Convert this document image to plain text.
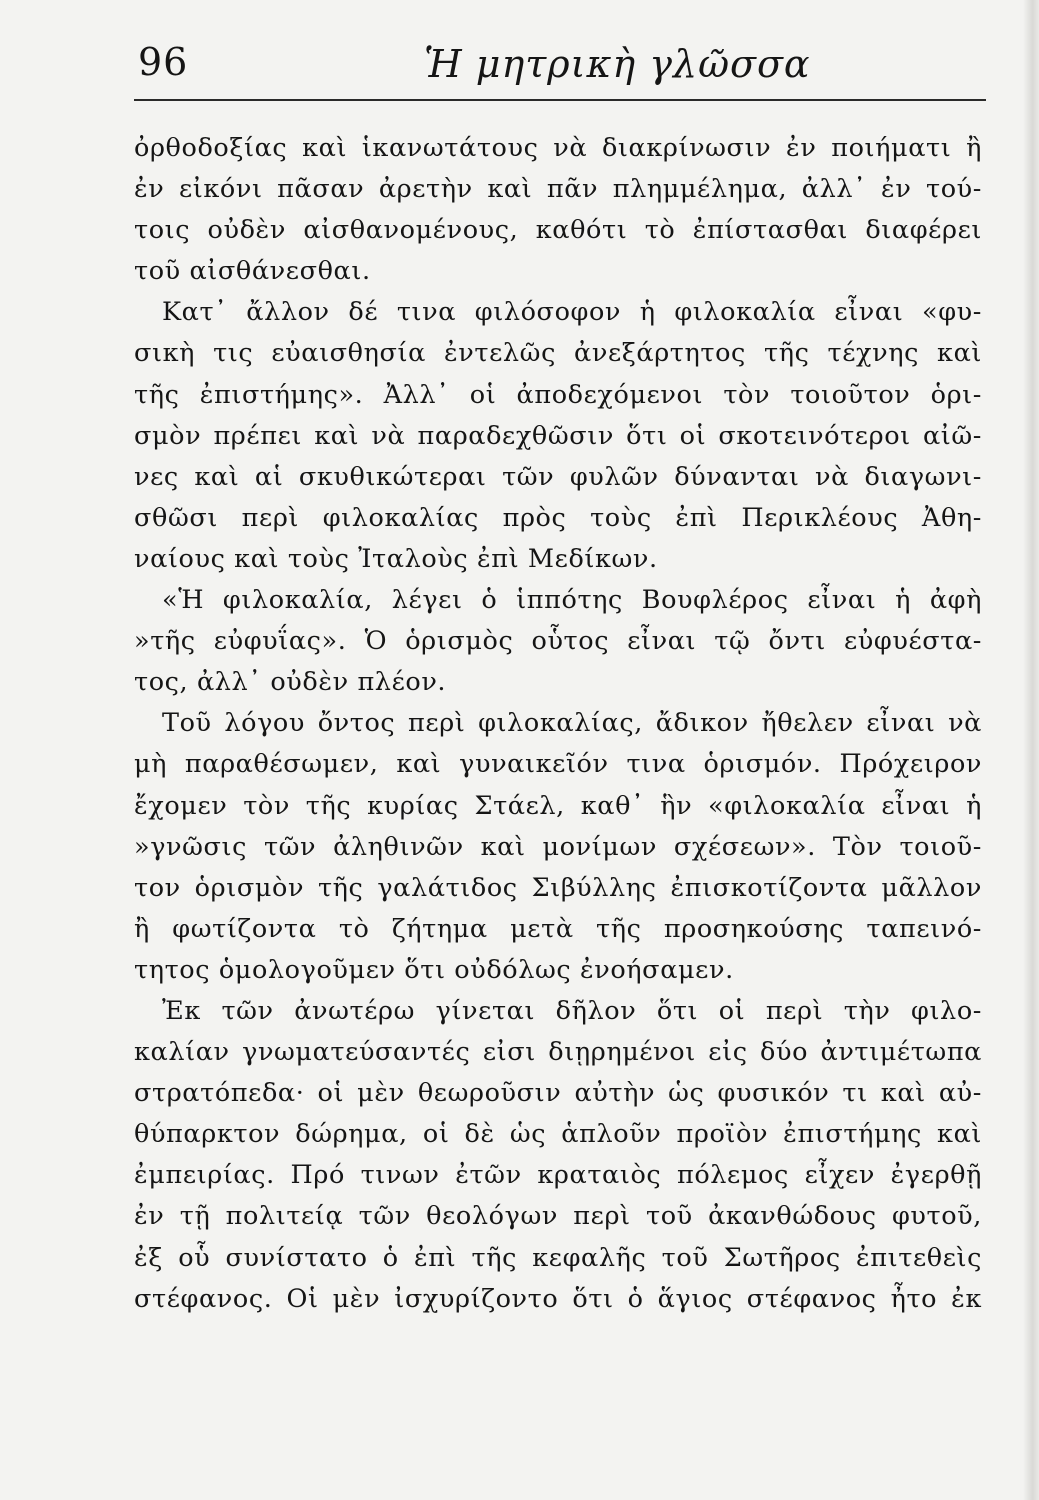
96	Ἡ μητρικὴ γλῶσσα
ὀρθοδοξίας καὶ ἱκανωτάτους νὰ διακρίνωσιν ἐν ποιήματι ἢ
ἐν εἰκόνι πᾶσαν ἀρετὴν καὶ πᾶν πλημμέλημα, ἀλλ᾽ ἐν τού-
τοις οὐδὲν αἰσθανομένους, καθότι τὸ ἐπίστασθαι διαφέρει
τοῦ αἰσθάνεσθαι.
Κατ᾽ ἄλλον δέ τινα φιλόσοφον ἡ φιλοκαλία εἶναι «φυ-
σικὴ τις εὐαισθησία ἐντελῶς ἀνεξάρτητος τῆς τέχνης καὶ
τῆς ἐπιστήμης». Ἀλλ᾽ οἱ ἀποδεχόμενοι τὸν τοιοῦτον ὁρι-
σμὸν πρέπει καὶ νὰ παραδεχθῶσιν ὅτι οἱ σκοτεινότεροι αἰῶ-
νες καὶ αἱ σκυθικώτεραι τῶν φυλῶν δύνανται νὰ διαγωνι-
σθῶσι περὶ φιλοκαλίας πρὸς τοὺς ἐπὶ Περικλέους Ἀθη-
ναίους καὶ τοὺς Ἰταλοὺς ἐπὶ Μεδίκων.
«Ἡ φιλοκαλία, λέγει ὁ ἱππότης Βουφλέρος εἶναι ἡ ἀφὴ
»τῆς εὐφυΐας». Ὁ ὁρισμὸς οὗτος εἶναι τῷ ὄντι εὐφυέστα-
τος, ἀλλ᾽ οὐδὲν πλέον.
Τοῦ λόγου ὄντος περὶ φιλοκαλίας, ἄδικον ἤθελεν εἶναι νὰ
μὴ παραθέσωμεν, καὶ γυναικεῖόν τινα ὁρισμόν. Πρόχειρον
ἔχομεν τὸν τῆς κυρίας Στάελ, καθ᾽ ἣν «φιλοκαλία εἶναι ἡ
»γνῶσις τῶν ἀληθινῶν καὶ μονίμων σχέσεων». Τὸν τοιοῦ-
τον ὁρισμὸν τῆς γαλάτιδος Σιβύλλης ἐπισκοτίζοντα μᾶλλον
ἢ φωτίζοντα τὸ ζήτημα μετὰ τῆς προσηκούσης ταπεινό-
τητος ὁμολογοῦμεν ὅτι οὐδόλως ἐνοήσαμεν.
Ἐκ τῶν ἀνωτέρω γίνεται δῆλον ὅτι οἱ περὶ τὴν φιλο-
καλίαν γνωματεύσαντές εἰσι διῃρημένοι εἰς δύο ἀντιμέτωπα
στρατόπεδα· οἱ μὲν θεωροῦσιν αὐτὴν ὡς φυσικόν τι καὶ αὐ-
θύπαρκτον δώρημα, οἱ δὲ ὡς ἁπλοῦν προϊὸν ἐπιστήμης καὶ
ἐμπειρίας. Πρό τινων ἐτῶν κραταιὸς πόλεμος εἶχεν ἐγερθῇ
ἐν τῇ πολιτείᾳ τῶν θεολόγων περὶ τοῦ ἀκανθώδους φυτοῦ,
ἐξ οὗ συνίστατο ὁ ἐπὶ τῆς κεφαλῆς τοῦ Σωτῆρος ἐπιτεθεὶς
στέφανος. Οἱ μὲν ἰσχυρίζοντο ὅτι ὁ ἅγιος στέφανος ἦτο ἐκ
